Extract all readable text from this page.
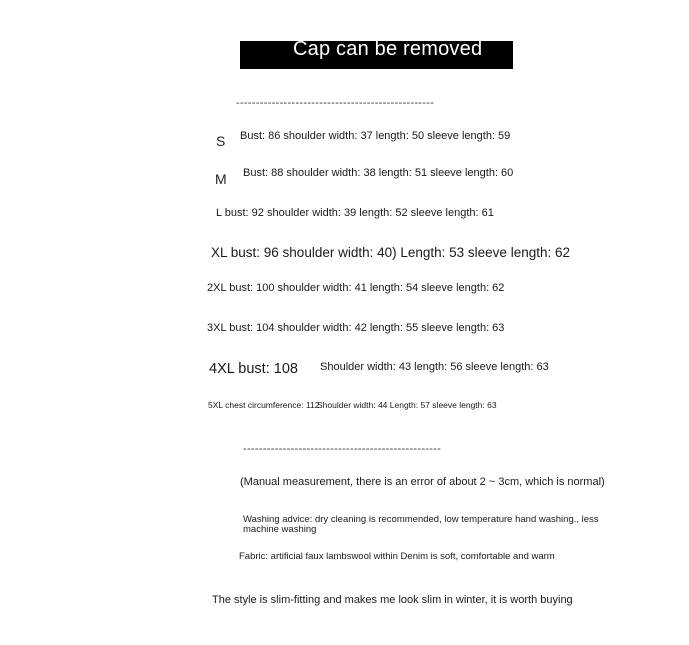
Cap can be removed
--------------------------------------------------
S Bust: 86 shoulder width: 37 length: 50 sleeve length: 59
M Bust: 88 shoulder width: 38 length: 51 sleeve length: 60
L bust: 92 shoulder width: 39 length: 52 sleeve length: 61
XL bust: 96 shoulder width: 40) Length: 53 sleeve length: 62
2XL bust: 100 shoulder width: 41 length: 54 sleeve length: 62
3XL bust: 104 shoulder width: 42 length: 55 sleeve length: 63
4XL bust: 108 Shoulder width: 43 length: 56 sleeve length: 63
5XL chest circumference: 112
Shoulder width: 44 Length: 57 sleeve length: 63
--------------------------------------------------
(Manual measurement, there is an error of about 2 ~ 3cm, which is normal)
Washing advice: dry cleaning is recommended, low temperature hand washing., less machine washing
Fabric: artificial faux lambswool within Denim is soft, comfortable and warm
The style is slim-fitting and makes me look slim in winter, it is worth buying
